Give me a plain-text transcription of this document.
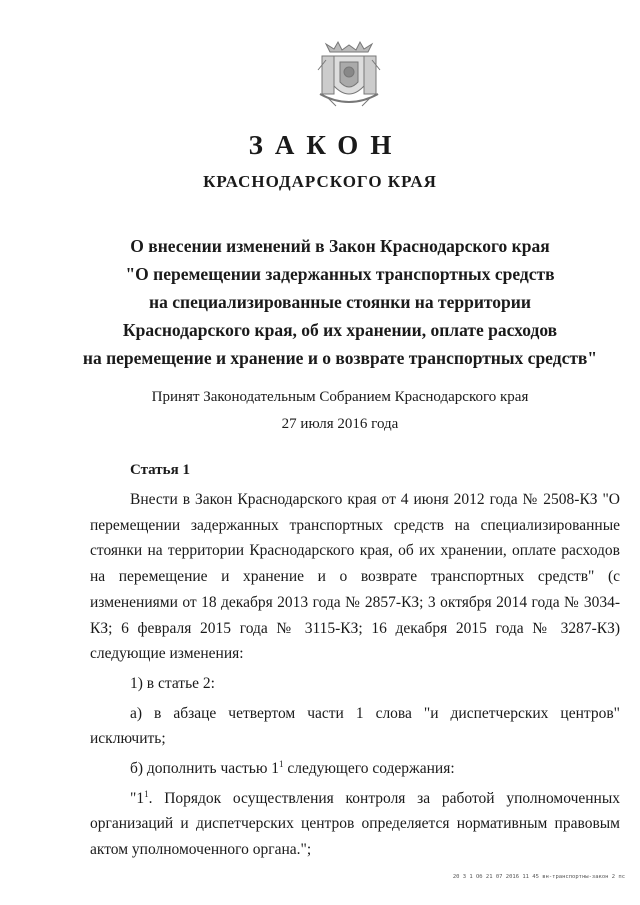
ЗАКОН
КРАСНОДАРСКОГО КРАЯ
О внесении изменений в Закон Краснодарского края
"О перемещении задержанных транспортных средств
на специализированные стоянки на территории
Краснодарского края, об их хранении, оплате расходов
на перемещение и хранение и о возврате транспортных средств"
Принят Законодательным Собранием Краснодарского края
27 июля 2016 года
Статья 1

Внести в Закон Краснодарского края от 4 июня 2012 года № 2508-КЗ "О перемещении задержанных транспортных средств на специализированные стоянки на территории Краснодарского края, об их хранении, оплате расходов на перемещение и хранение и о возврате транспортных средств" (с изменениями от 18 декабря 2013 года № 2857-КЗ; 3 октября 2014 года № 3034-КЗ; 6 февраля 2015 года № 3115-КЗ; 16 декабря 2015 года № 3287-КЗ) следующие изменения:

1) в статье 2:

а) в абзаце четвертом части 1 слова "и диспетчерских центров" исключить;

б) дополнить частью $1^1$ следующего содержания:

"$1^1$. Порядок осуществления контроля за работой уполномоченных организаций и диспетчерских центров определяется нормативным правовым актом уполномоченного органа.";

20 3 1 Об 21 07 2016 11 45 вн-транспортны-закон 2 пс
